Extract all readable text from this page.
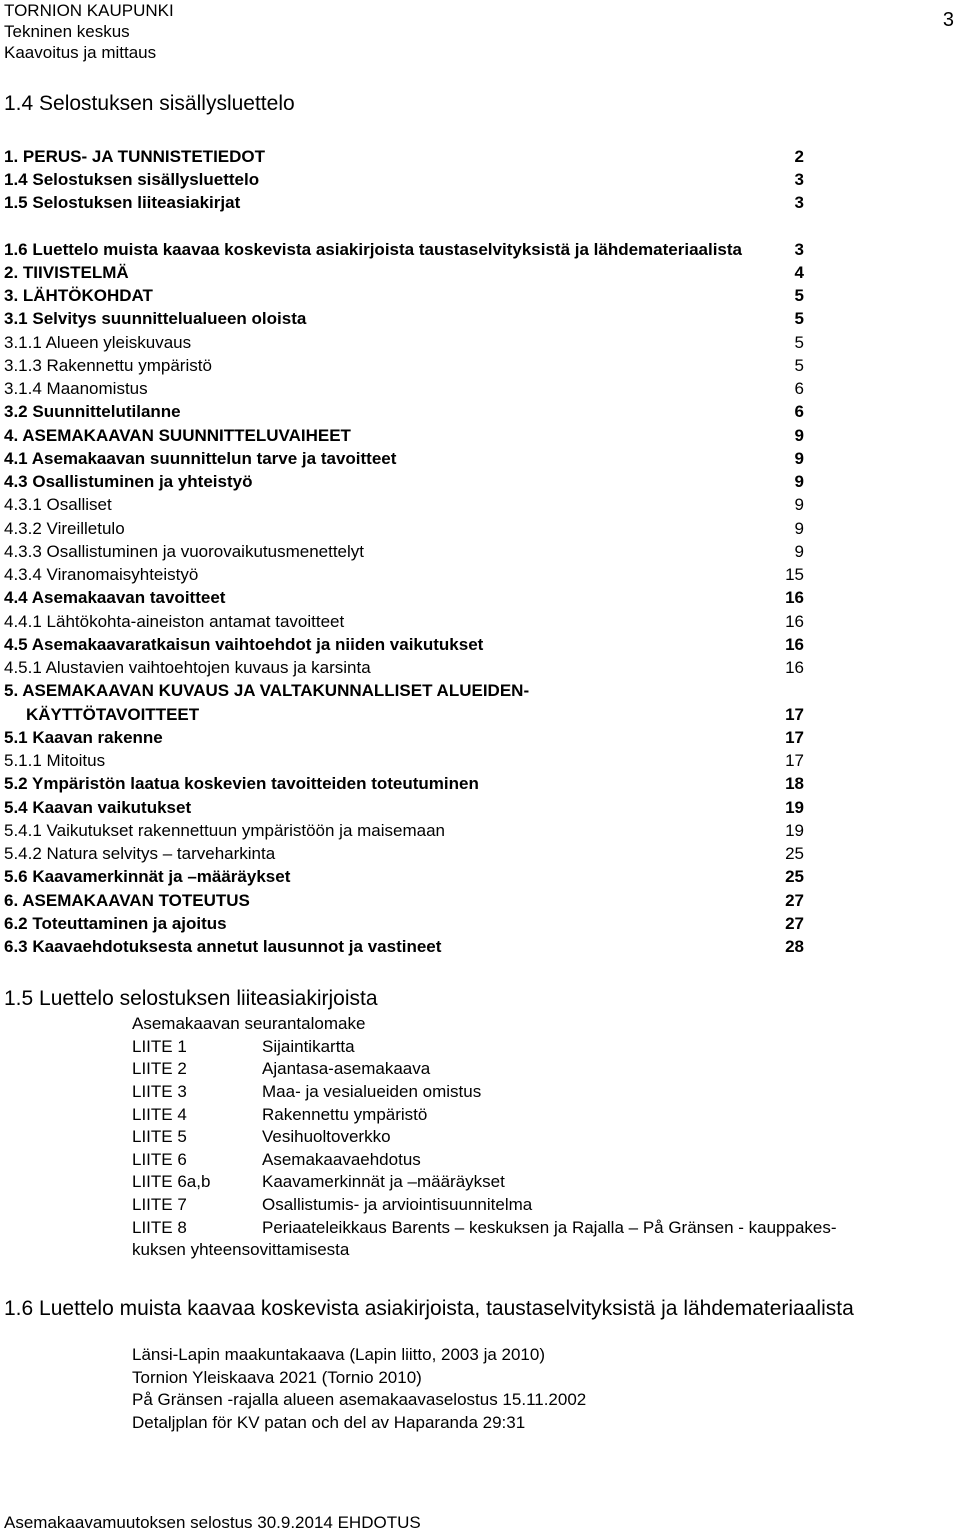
TORNION KAUPUNKI
Tekninen keskus
Kaavoitus ja mittaus
3
1.4 Selostuksen sisällysluettelo
1. PERUS- JA TUNNISTETIEDOT	2
1.4 Selostuksen sisällysluettelo	3
1.5 Selostuksen liiteasiakirjat	3
1.6 Luettelo muista kaavaa koskevista asiakirjoista taustaselvityksistä ja lähdemateriaalista	3
2. TIIVISTELMÄ	4
3. LÄHTÖKOHDAT	5
3.1 Selvitys suunnittelualueen oloista	5
3.1.1 Alueen yleiskuvaus	5
3.1.3 Rakennettu ympäristö	5
3.1.4 Maanomistus	6
3.2 Suunnittelutilanne	6
4. ASEMAKAAVAN SUUNNITTELUVAIHEET	9
4.1 Asemakaavan suunnittelun tarve ja tavoitteet	9
4.3 Osallistuminen ja yhteistyö	9
4.3.1 Osalliset	9
4.3.2 Vireilletulo	9
4.3.3 Osallistuminen ja vuorovaikutusmenettelyt	9
4.3.4 Viranomaisyhteistyö	15
4.4 Asemakaavan tavoitteet	16
4.4.1 Lähtökohta-aineiston antamat tavoitteet	16
4.5 Asemakaavaratkaisun vaihtoehdot ja niiden vaikutukset	16
4.5.1 Alustavien vaihtoehtojen kuvaus ja karsinta	16
5. ASEMAKAAVAN KUVAUS JA VALTAKUNNALLISET ALUEIDEN-
KÄYTTÖTAVOITTEET	17
5.1 Kaavan rakenne	17
5.1.1 Mitoitus	17
5.2 Ympäristön laatua koskevien tavoitteiden toteutuminen	18
5.4 Kaavan vaikutukset	19
5.4.1 Vaikutukset rakennettuun ympäristöön ja maisemaan	19
5.4.2 Natura selvitys – tarveharkinta	25
5.6 Kaavamerkinnät ja –määräykset	25
6. ASEMAKAAVAN TOTEUTUS	27
6.2 Toteuttaminen ja ajoitus	27
6.3 Kaavaehdotuksesta annetut lausunnot ja vastineet	28
1.5 Luettelo selostuksen liiteasiakirjoista
Asemakaavan seurantalomake
LIITE 1	Sijaintikartta
LIITE 2	Ajantasa-asemakaava
LIITE 3	Maa- ja vesialueiden omistus
LIITE 4	Rakennettu ympäristö
LIITE 5	Vesihuoltoverkko
LIITE 6	Asemakaavaehdotus
LIITE 6a,b	Kaavamerkinnät ja –määräykset
LIITE 7	Osallistumis- ja arviointisuunnitelma
LIITE 8	Periaateleikkaus Barents – keskuksen ja Rajalla – På Gränsen - kauppakes-
kuksen yhteensovittamisesta
1.6 Luettelo muista kaavaa koskevista asiakirjoista, taustaselvityksistä ja lähdemateriaalista
Länsi-Lapin maakuntakaava (Lapin liitto, 2003 ja 2010)
Tornion Yleiskaava 2021 (Tornio 2010)
På Gränsen -rajalla alueen asemakaavaselostus 15.11.2002
Detaljplan för KV patan och del av Haparanda 29:31
Asemakaavamuutoksen selostus 30.9.2014 EHDOTUS
